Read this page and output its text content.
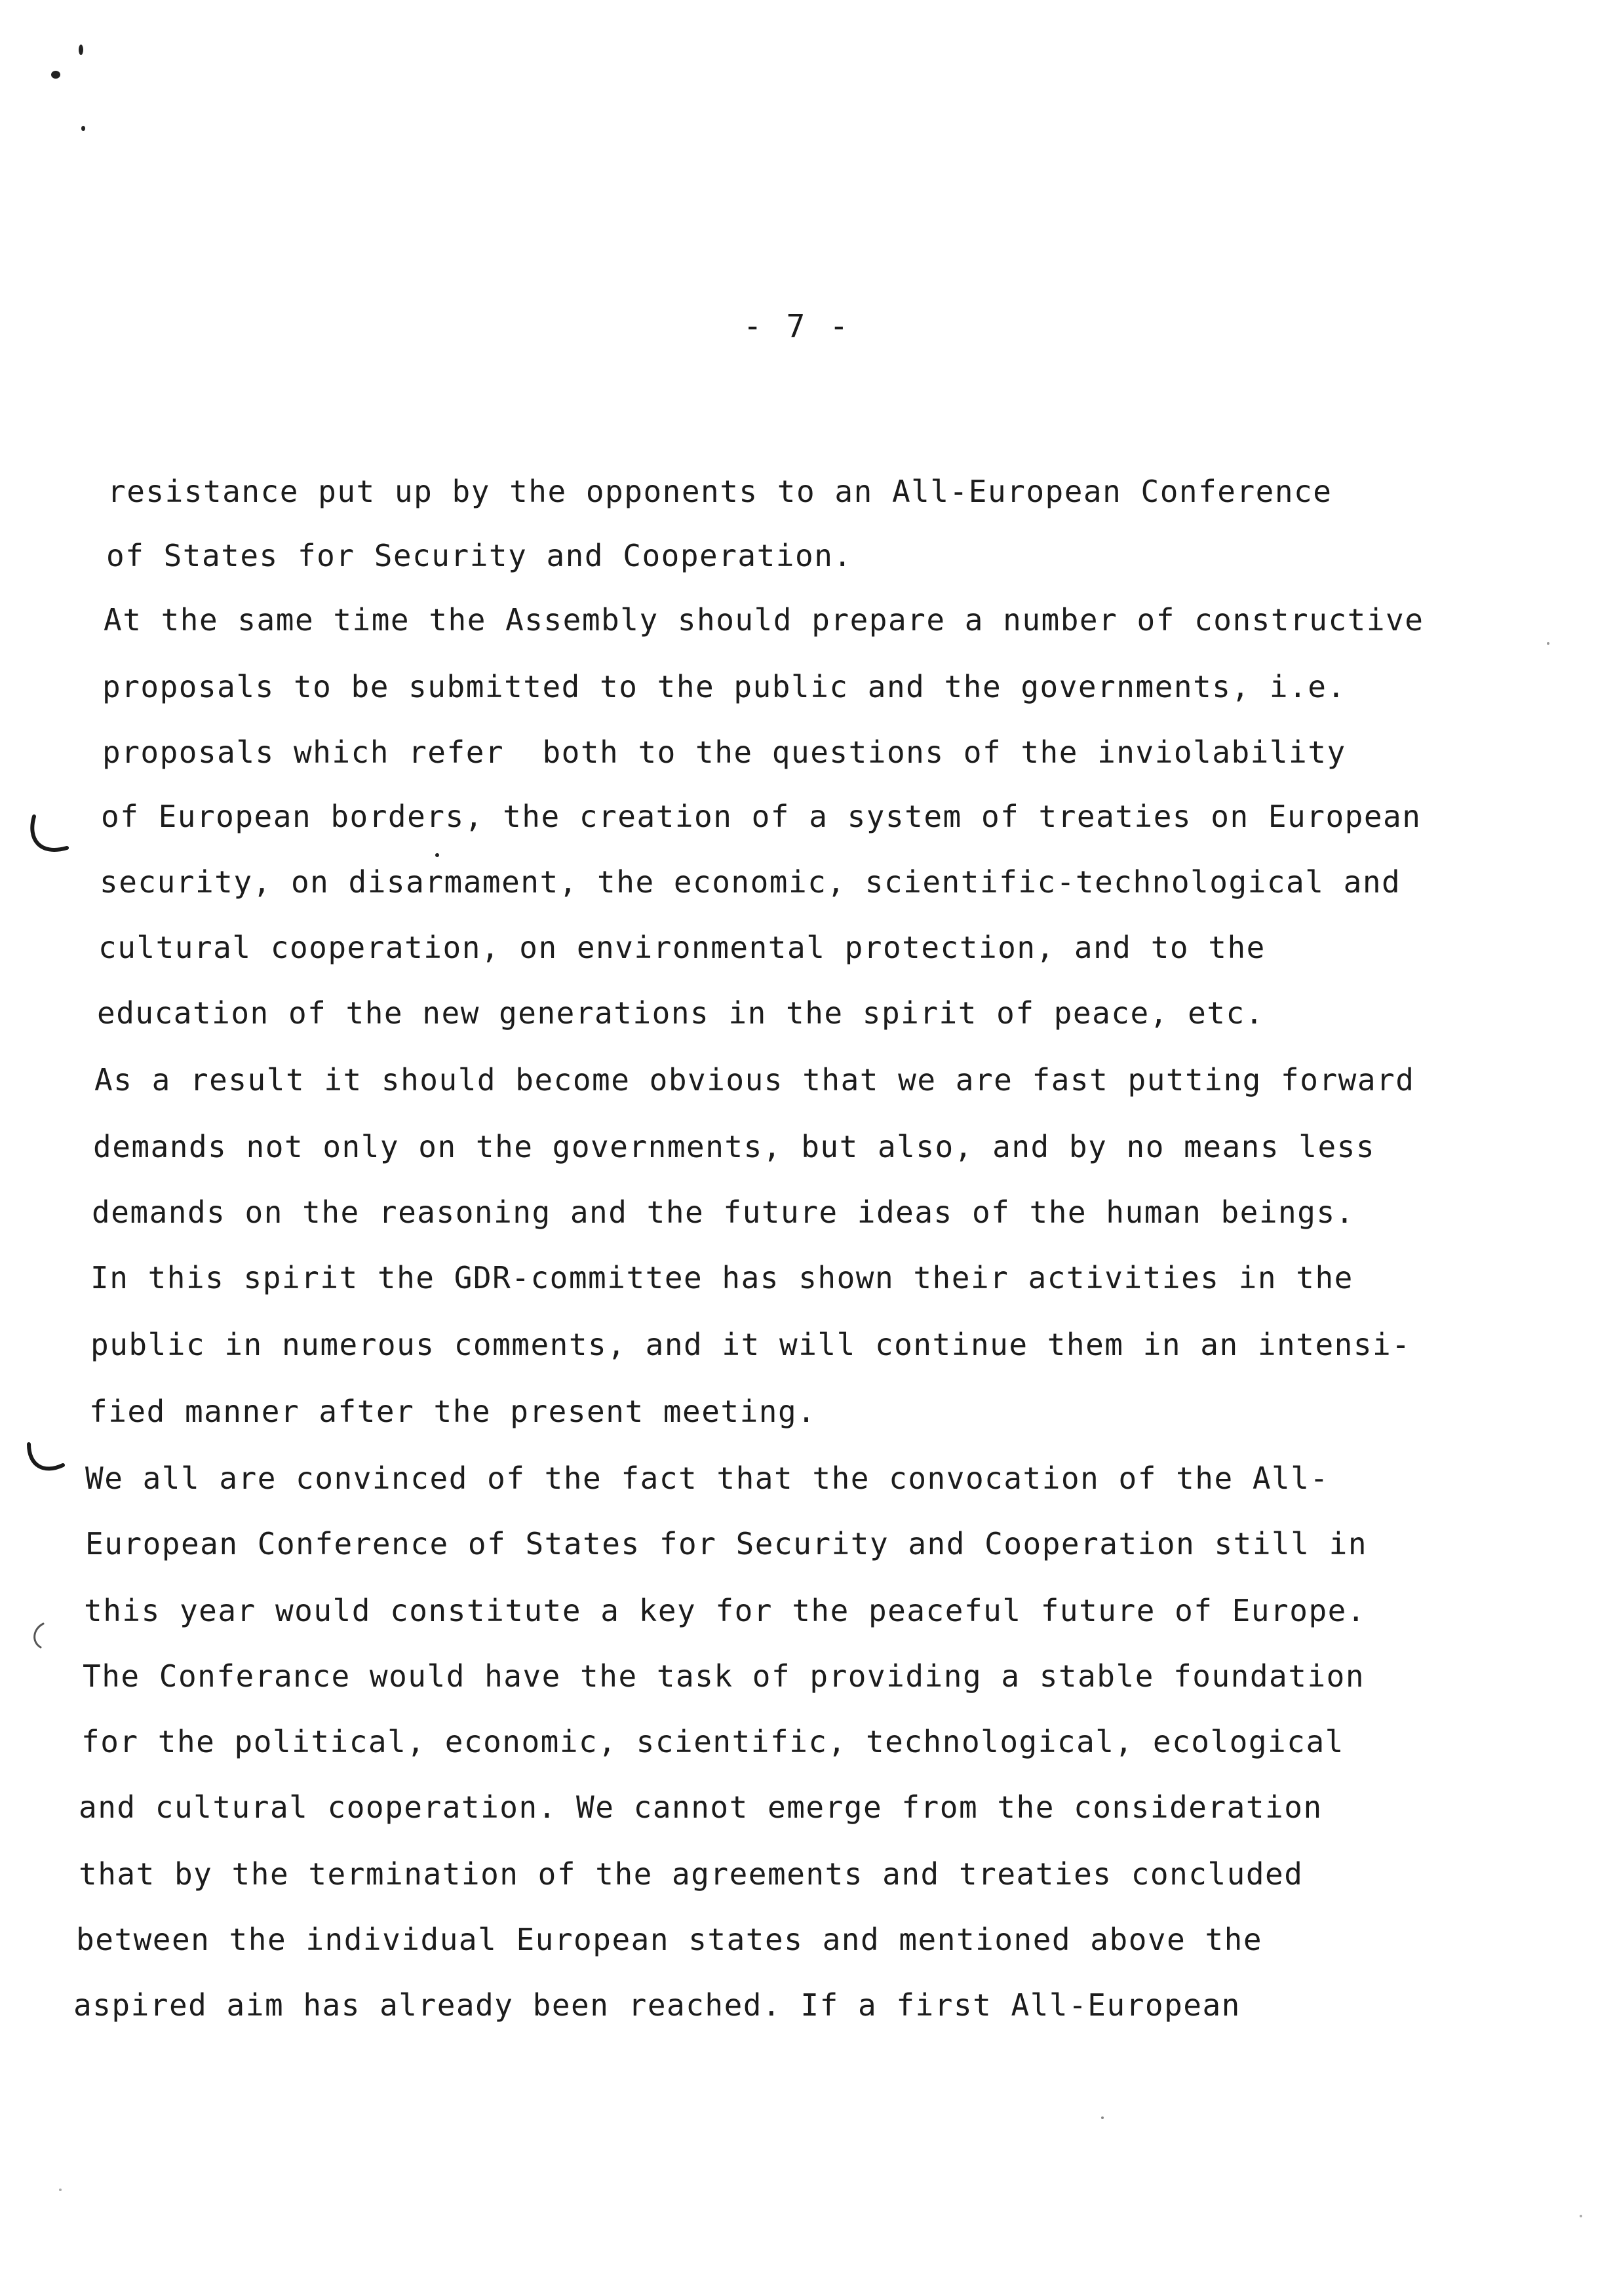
- 7 -
resistance put up by the opponents to an All-European Conference
of States for Security and Cooperation.
At the same time the Assembly should prepare a number of constructive
proposals to be submitted to the public and the governments, i.e.
proposals which refer  both to the questions of the inviolability
of European borders, the creation of a system of treaties on European
security, on disarmament, the economic, scientific-technological and
cultural cooperation, on environmental protection, and to the
education of the new generations in the spirit of peace, etc.
As a result it should become obvious that we are fast putting forward
demands not only on the governments, but also, and by no means less
demands on the reasoning and the future ideas of the human beings.
In this spirit the GDR-committee has shown their activities in the
public in numerous comments, and it will continue them in an intensi-
fied manner after the present meeting.
We all are convinced of the fact that the convocation of the All-
European Conference of States for Security and Cooperation still in
this year would constitute a key for the peaceful future of Europe.
The Conferance would have the task of providing a stable foundation
for the political, economic, scientific, technological, ecological
and cultural cooperation. We cannot emerge from the consideration
that by the termination of the agreements and treaties concluded
between the individual European states and mentioned above the
aspired aim has already been reached. If a first All-European
